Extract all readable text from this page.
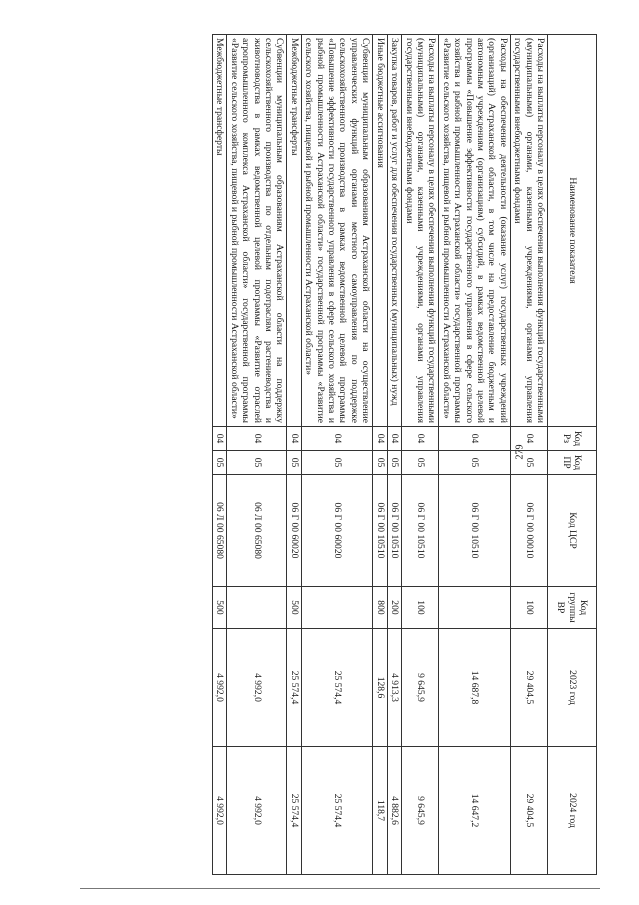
279
Наименование показателя	Код Рз	Код ПР	Код ЦСР	Код группы ВР	2023 год	2024 год
Расходы на выплаты персоналу в целях обеспечения выполнения функций государственными (муниципальными) органами, казенными учреждениями, органами управления государственными внебюджетными фондами	04	05	06 Г 00 00010	100	29 404,5	29 404,5
Расходы на обеспечение деятельности (оказание услуг) государственных учреждений (организаций) Астраханской области, в том числе на предоставление бюджетным и автономным учреждениям (организациям) субсидий, в рамках ведомственной целевой программы «Повышение эффективности государственного управления в сфере сельского хозяйства и рыбной промышленности Астраханской области» государственной программы «Развитие сельского хозяйства, пищевой и рыбной промышленности Астраханской области»	04	05	06 Г 00 10510		14 687,8	14 647,2
Расходы на выплаты персоналу в целях обеспечения выполнения функций государственными (муниципальными) органами, казенными учреждениями, органами управления государственными внебюджетными фондами	04	05	06 Г 00 10510	100	9 645,9	9 645,9
Закупка товаров, работ и услуг для обеспечения государственных (муниципальных) нужд	04	05	06 Г 00 10510	200	4 913,3	4 882,6
Иные бюджетные ассигнования	04	05	06 Г 00 10510	800	128,6	118,7
Субвенции муниципальным образованиям Астраханской области на осуществление управленческих функций органами местного самоуправления по поддержке сельскохозяйственного производства в рамках ведомственной целевой программы «Повышение эффективности государственного управления в сфере сельского хозяйства и рыбной промышленности Астраханской области» государственной программы «Развитие сельского хозяйства, пищевой и рыбной промышленности Астраханской области»	04	05	06 Г 00 60020		25 574,4	25 574,4
Межбюджетные трансферты	04	05	06 Г 00 60020	500	25 574,4	25 574,4
Субвенции муниципальным образованиям Астраханской области на поддержку сельскохозяйственного производства по отдельным подотраслям растениеводства и животноводства в рамках ведомственной целевой программы «Развитие отраслей агропромышленного комплекса Астраханской области» государственной программы «Развитие сельского хозяйства, пищевой и рыбной промышленности Астраханской области»	04	05	06 Л 00 65080		4 992,0	4 992,0
Межбюджетные трансферты	04	05	06 Л 00 65080	500	4 992,0	4 992,0
